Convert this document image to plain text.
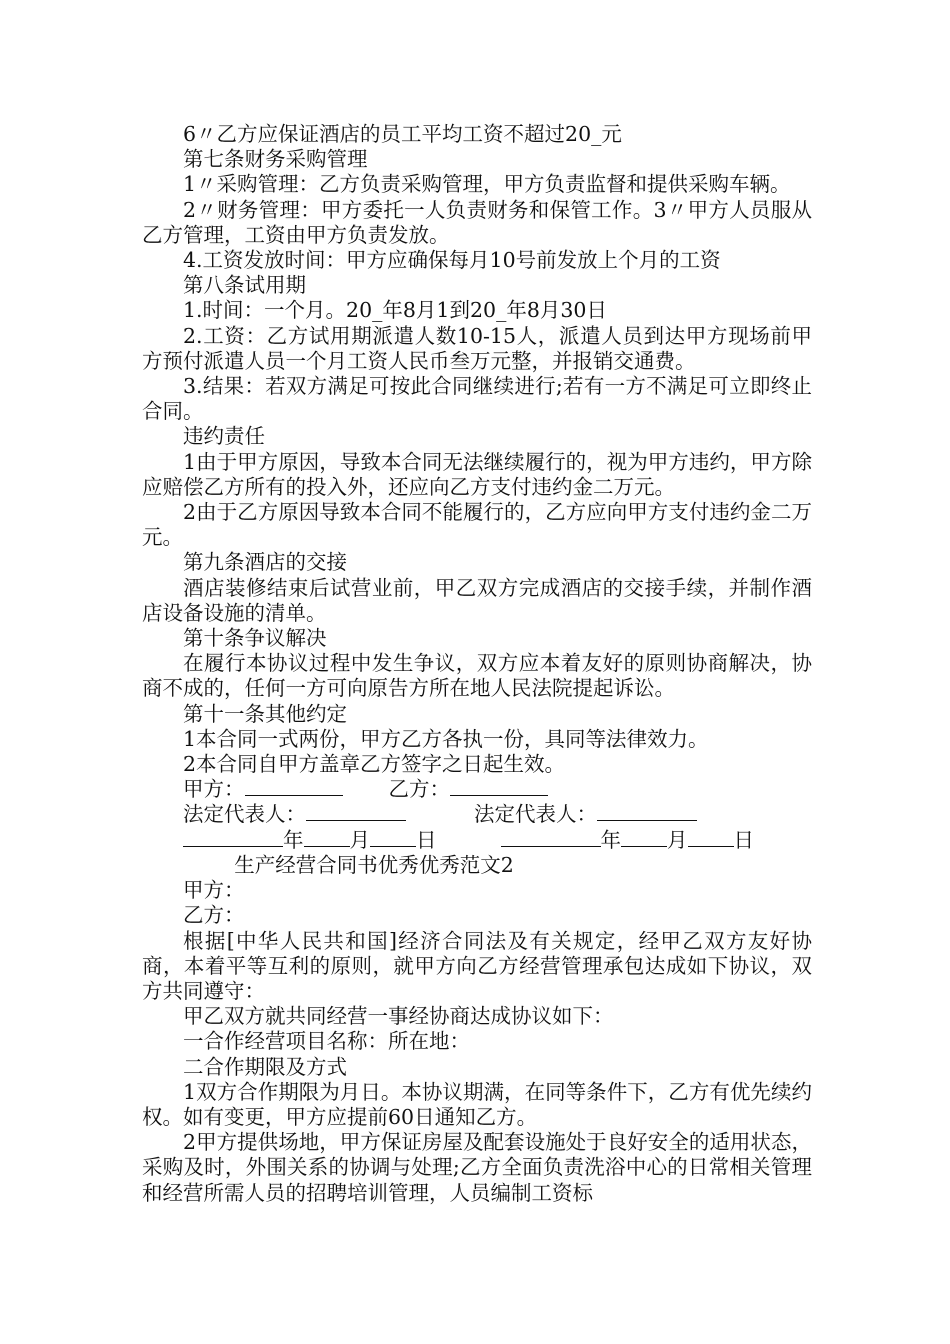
6〃乙方应保证酒店的员工平均工资不超过20_元

第七条财务采购管理

1〃采购管理：乙方负责采购管理，甲方负责监督和提供采购车辆。

2〃财务管理：甲方委托一人负责财务和保管工作。3〃甲方人员服从乙方管理，工资由甲方负责发放。

4.工资发放时间：甲方应确保每月10号前发放上个月的工资

第八条试用期

1.时间：一个月。20_年8月1到20_年8月30日

2.工资：乙方试用期派遣人数10-15人，派遣人员到达甲方现场前甲方预付派遣人员一个月工资人民币叁万元整，并报销交通费。

3.结果：若双方满足可按此合同继续进行;若有一方不满足可立即终止合同。

违约责任

1由于甲方原因，导致本合同无法继续履行的，视为甲方违约，甲方除应赔偿乙方所有的投入外，还应向乙方支付违约金二万元。

2由于乙方原因导致本合同不能履行的，乙方应向甲方支付违约金二万元。

第九条酒店的交接

酒店装修结束后试营业前，甲乙双方完成酒店的交接手续，并制作酒店设备设施的清单。

第十条争议解决

在履行本协议过程中发生争议，双方应本着友好的原则协商解决，协商不成的，任何一方可向原告方所在地人民法院提起诉讼。

第十一条其他约定

1本合同一式两份，甲方乙方各执一份，具同等法律效力。

2本合同自甲方盖章乙方签字之日起生效。

甲方：	乙方：
法定代表人：	法定代表人：
年 月 日	年 月 日
生产经营合同书优秀优秀范文2

甲方：

乙方：

根据[中华人民共和国]经济合同法及有关规定，经甲乙双方友好协商，本着平等互利的原则，就甲方向乙方经营管理承包达成如下协议，双方共同遵守：

甲乙双方就共同经营一事经协商达成协议如下：

一合作经营项目名称：所在地：

二合作期限及方式

1双方合作期限为月日。本协议期满，在同等条件下，乙方有优先续约权。如有变更，甲方应提前60日通知乙方。

2甲方提供场地，甲方保证房屋及配套设施处于良好安全的适用状态，采购及时，外围关系的协调与处理;乙方全面负责洗浴中心的日常相关管理和经营所需人员的招聘培训管理，人员编制工资标
